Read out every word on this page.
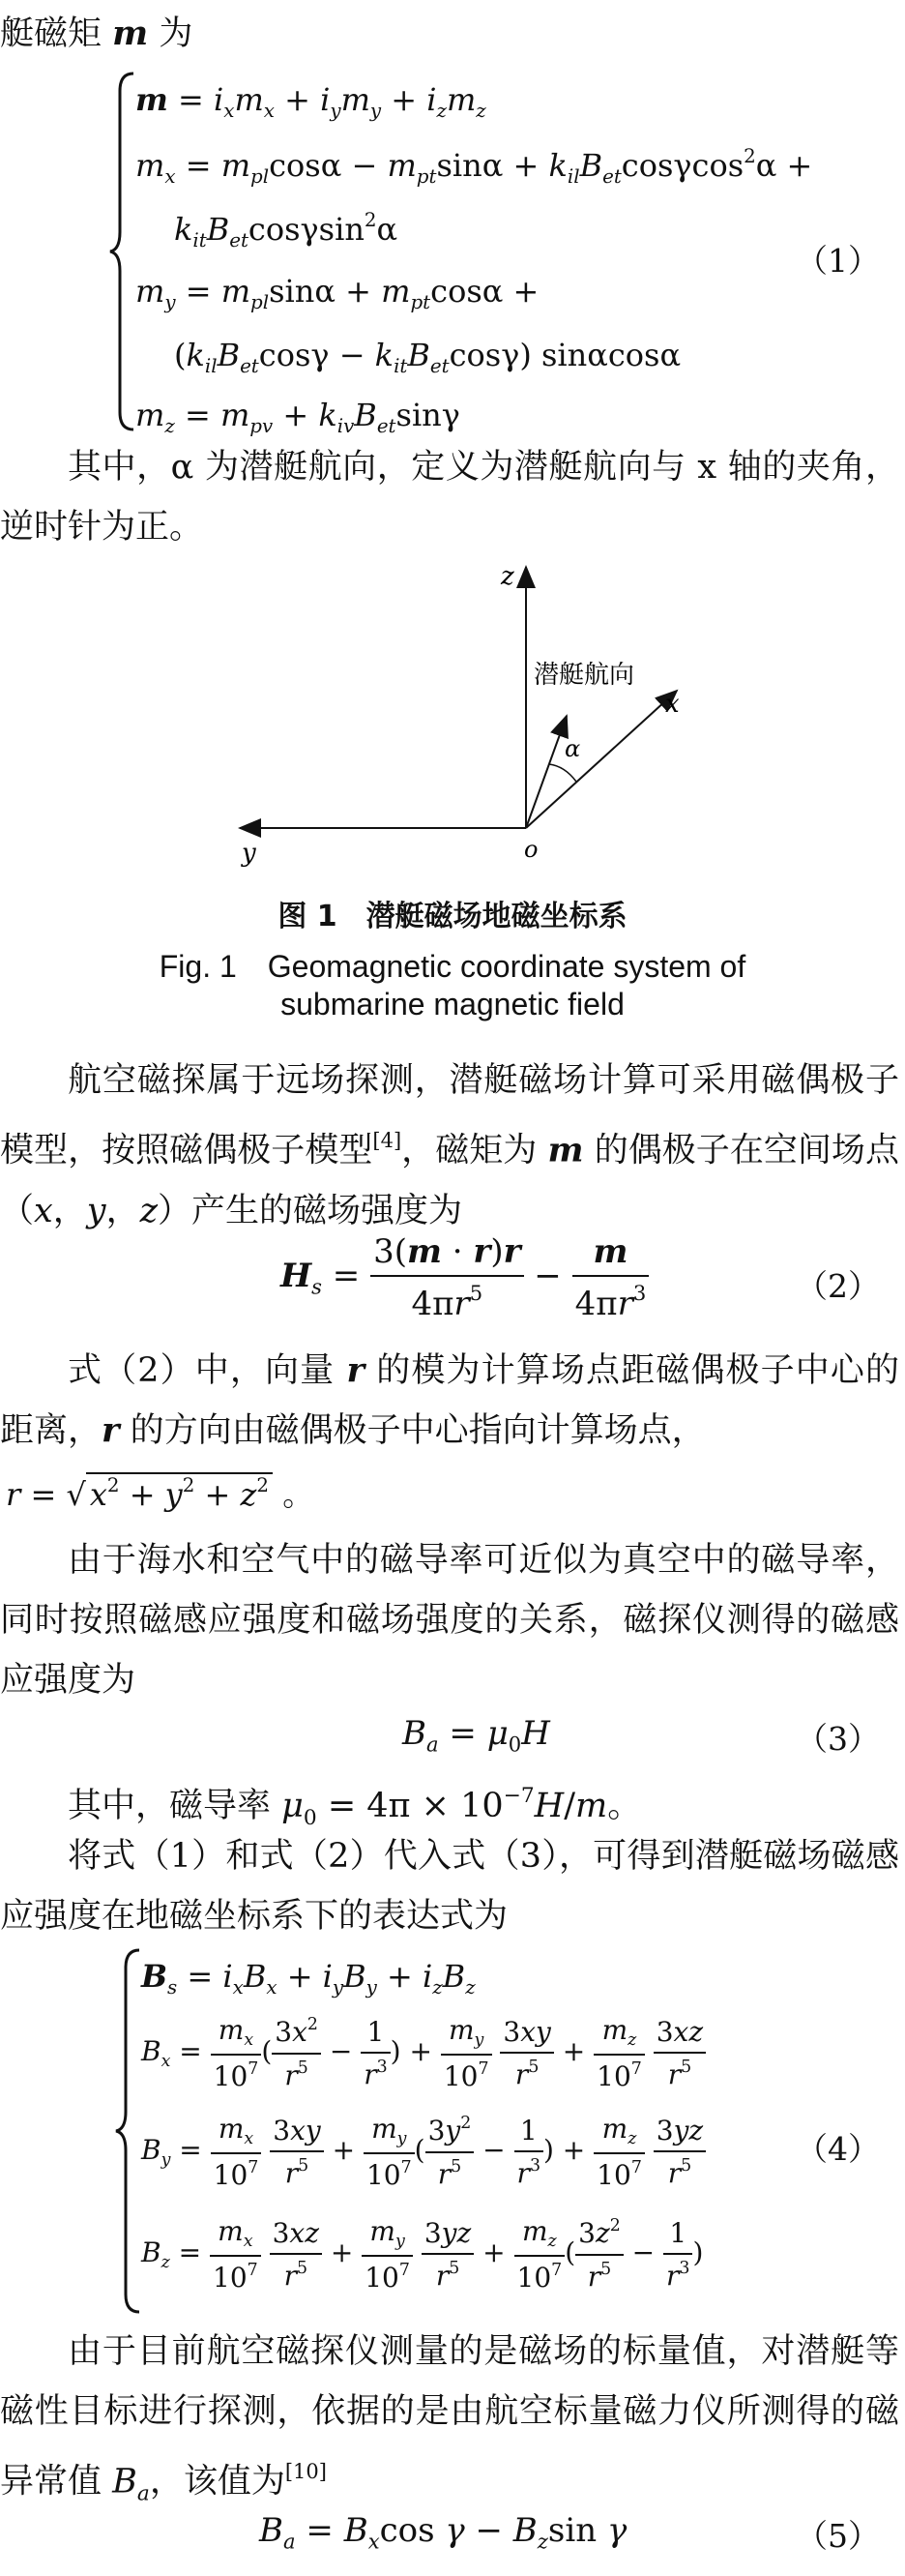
艇磁矩 m 为

$m = i_xm_x + i_ym_y + i_zm_z$
$m_x = m_{pl}\cos\alpha - m_{pt}\sin\alpha + k_{il}B_{et}\cos\gamma\cos^2\alpha$ +
$k_{it}B_{et}\cos\gamma\sin^2\alpha$
$m_y = m_{pl}\sin\alpha + m_{pt}\cos\alpha$ +
$(k_{il}B_{et}\cos\gamma - k_{it}B_{et}\cos\gamma)$ sinαcosα
$m_z = m_{pv} + k_{iv}B_{et}\sin\gamma$
（1）

其中，α 为潜艇航向，定义为潜艇航向与 x 轴的夹角，逆时针为正。

z
x
y	o
潜艇航向
α
图 1　潜艇磁场地磁坐标系
Fig. 1　Geomagnetic coordinate system of
submarine magnetic field

航空磁探属于远场探测，潜艇磁场计算可采用磁偶极子模型，按照磁偶极子模型[4]，磁矩为 m 的偶极子在空间场点（x，y，z）产生的磁场强度为

$H_s = \frac{3(m \cdot r)r}{4\pi r^5} - \frac{m}{4\pi r^3}$	（2）

式（2）中，向量 r 的模为计算场点距磁偶极子中心的距离，r 的方向由磁偶极子中心指向计算场点，

r = √ $x^2 + y^2 + z^2$ 。

由于海水和空气中的磁导率可近似为真空中的磁导率，同时按照磁感应强度和磁场强度的关系，磁探仪测得的磁感应强度为

$B_a = \mu_0H$	（3）

其中，磁导率 $\mu_0 = 4\pi \times 10^{-7}H/m$。

将式（1）和式（2）代入式（3），可得到潜艇磁场磁感应强度在地磁坐标系下的表达式为

$B_s = i_xB_x + i_yB_y + i_zB_z$
$B_x = \frac{m_x}{10^7}$ ( $\frac{3x^2}{r^5} - \frac{1}{r^3}$ ) + $\frac{m_y}{10^7}$
$\frac{3xy}{r^5} + \frac{m_z}{10^7}$
$\frac{3xz}{r^5}$
$B_y = \frac{m_x}{10^7}$
$\frac{3xy}{r^5} + \frac{m_y}{10^7}$ ( $\frac{3y^2}{r^5} - \frac{1}{r^3}$ ) + $\frac{m_z}{10^7}$
$\frac{3yz}{r^5}$
$B_z = \frac{m_x}{10^7}$
$\frac{3xz}{r^5} + \frac{m_y}{10^7}$
$\frac{3yz}{r^5} + \frac{m_z}{10^7}$ ( $\frac{3z^2}{r^5} - \frac{1}{r^3}$ )
（4）

由于目前航空磁探仪测量的是磁场的标量值，对潜艇等磁性目标进行探测，依据的是由航空标量磁力仪所测得的磁异常值 $B_a$，该值为[10]

$B_a = B_x\cos$ $\gamma - B_z\sin$ γ	（5）
